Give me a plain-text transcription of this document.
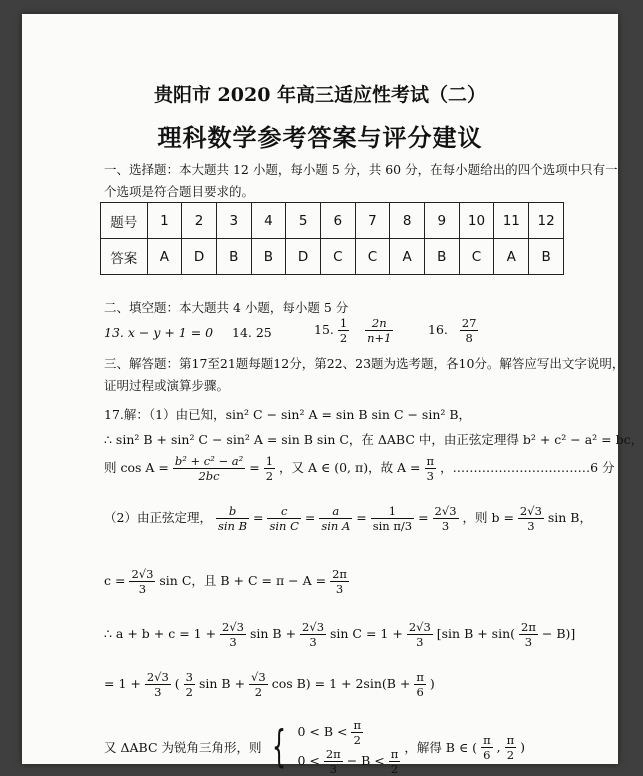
贵阳市 2020 年高三适应性考试（二）
理科数学参考答案与评分建议
一、选择题：本大题共 12 小题，每小题 5 分，共 60 分，在每小题给出的四个选项中只有一
个选项是符合题目要求的。
题号	1	2	3	4	5	6	7	8	9	10	11	12
答案	A	D	B	B	D	C	C	A	B	C	A	B
二、填空题：本大题共 4 小题，每小题 5 分
13. x − y + 1 = 0 14. 25	15. $\frac{1}{2}$
$\frac{2n}{n+1}$	16. $\frac{27}{8}$
三、解答题：第17至21题每题12分，第22、23题为选考题，各10分。解答应写出文字说明，
证明过程或演算步骤。
17.解：（1）由已知，sin² C − sin² A = sin B sin C − sin² B，
∴ sin² B + sin² C − sin² A = sin B sin C，在 ΔABC 中，由正弦定理得 b² + c² − a² = bc，
则 $\cos A = \frac{\text{b² + c² − a²}}{2bc} = \frac{1}{2}$ ，又 A ∈ (0, π)，故 $A = \frac{\pi}{3}$ ，……………………………6 分
（2）由正弦定理， $\frac{b}{\text{sin B}} = \frac{c}{\text{sin C}} = \frac{a}{\text{sin A}} = \frac{1}{\text{sin π/3}} = \frac{2√3}{3}$ ，则 $b = \frac{2√3}{3}$ sin B，
$c = \frac{2√3}{3}$ sin C，且 $B + C = \pi - A = \frac{2\pi}{3}$
∴ $a + b + c = 1 + \frac{2√3}{3}$ $\sin B + \frac{2√3}{3}$ $\sin C = 1 + \frac{2√3}{3} [\sin$ $B + \sin( \frac{2\pi}{3} - B)$]
= $1 + \frac{2√3}{3}$ ( $\frac{3}{2}$ $\sin B + \frac{√3}{2}$ $\cos B) = 1 + 2\sin(B + \frac{\pi}{6}$ )
又 ΔABC 为锐角三角形，则 { $0 < B < \frac{\pi}{2}$
$0 < \frac{2\pi}{3} - B < \frac{\pi}{2}$ ，解得 B ∈ ( $\frac{\pi}{6}$ , $\frac{\pi}{2}$ )
